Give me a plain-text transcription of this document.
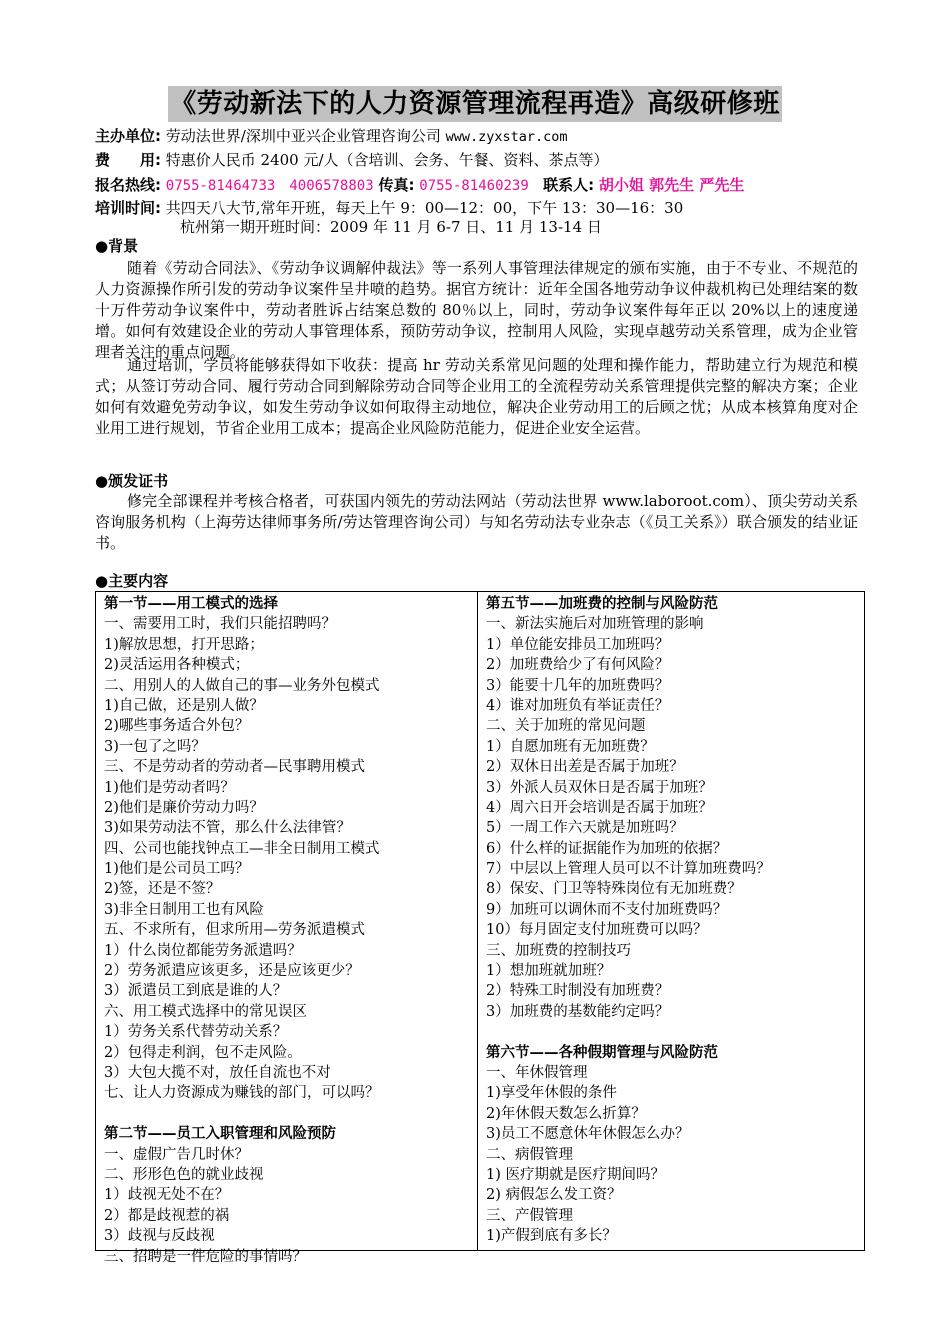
《劳动新法下的人力资源管理流程再造》高级研修班
主办单位: 劳动法世界/深圳中亚兴企业管理咨询公司 www.zyxstar.com
费　　用: 特惠价人民币 2400 元/人（含培训、会务、午餐、资料、茶点等）
报名热线: 0755-81464733　4006578803 传真: 0755-81460239 联系人: 胡小姐 郭先生 严先生
培训时间: 共四天八大节,常年开班，每天上午 9：00—12：00，下午 13：30—16：30
杭州第一期开班时间：2009 年 11 月 6-7 日、11 月 13-14 日
●背景

随着《劳动合同法》、《劳动争议调解仲裁法》等一系列人事管理法律规定的颁布实施，由于不专业、不规范的人力资源操作所引发的劳动争议案件呈井喷的趋势。据官方统计：近年全国各地劳动争议仲裁机构已处理结案的数十万件劳动争议案件中，劳动者胜诉占结案总数的 80％以上，同时，劳动争议案件每年正以 20%以上的速度递增。如何有效建设企业的劳动人事管理体系，预防劳动争议，控制用人风险，实现卓越劳动关系管理，成为企业管理者关注的重点问题。

通过培训，学员将能够获得如下收获：提高 hr 劳动关系常见问题的处理和操作能力，帮助建立行为规范和模式；从签订劳动合同、履行劳动合同到解除劳动合同等企业用工的全流程劳动关系管理提供完整的解决方案；企业如何有效避免劳动争议，如发生劳动争议如何取得主动地位，解决企业劳动用工的后顾之忧；从成本核算角度对企业用工进行规划，节省企业用工成本；提高企业风险防范能力，促进企业安全运营。

●颁发证书

修完全部课程并考核合格者，可获国内领先的劳动法网站（劳动法世界 www.laboroot.com）、顶尖劳动关系咨询服务机构（上海劳达律师事务所/劳达管理咨询公司）与知名劳动法专业杂志（《员工关系》）联合颁发的结业证书。

●主要内容
第一节——用工模式的选择
一、需要用工时，我们只能招聘吗？
1)解放思想，打开思路；
2)灵活运用各种模式；
二、用别人的人做自己的事—业务外包模式
1)自己做，还是别人做？
2)哪些事务适合外包？
3)一包了之吗？
三、不是劳动者的劳动者—民事聘用模式
1)他们是劳动者吗？
2)他们是廉价劳动力吗？
3)如果劳动法不管，那么什么法律管？
四、公司也能找钟点工—非全日制用工模式
1)他们是公司员工吗？
2)签，还是不签？
3)非全日制用工也有风险
五、不求所有，但求所用—劳务派遣模式
1）什么岗位都能劳务派遣吗？
2）劳务派遣应该更多，还是应该更少？
3）派遣员工到底是谁的人？
六、用工模式选择中的常见误区
1）劳务关系代替劳动关系？
2）包得走利润，包不走风险。
3）大包大揽不对，放任自流也不对
七、让人力资源成为赚钱的部门，可以吗？
第二节——员工入职管理和风险预防
一、虚假广告几时休？
二、形形色色的就业歧视
1）歧视无处不在？
2）都是歧视惹的祸
3）歧视与反歧视
三、招聘是一件危险的事情吗？
第五节——加班费的控制与风险防范
一、新法实施后对加班管理的影响
1）单位能安排员工加班吗？
2）加班费给少了有何风险？
3）能要十几年的加班费吗？
4）谁对加班负有举证责任？
二、关于加班的常见问题
1）自愿加班有无加班费？
2）双休日出差是否属于加班？
3）外派人员双休日是否属于加班？
4）周六日开会培训是否属于加班？
5）一周工作六天就是加班吗？
6）什么样的证据能作为加班的依据？
7）中层以上管理人员可以不计算加班费吗？
8）保安、门卫等特殊岗位有无加班费？
9）加班可以调休而不支付加班费吗？
10）每月固定支付加班费可以吗？
三、加班费的控制技巧
1）想加班就加班？
2）特殊工时制没有加班费？
3）加班费的基数能约定吗？
第六节——各种假期管理与风险防范
一、年休假管理
1)享受年休假的条件
2)年休假天数怎么折算？
3)员工不愿意休年休假怎么办？
二、病假管理
1) 医疗期就是医疗期间吗？
2) 病假怎么发工资？
三、产假管理
1)产假到底有多长？
